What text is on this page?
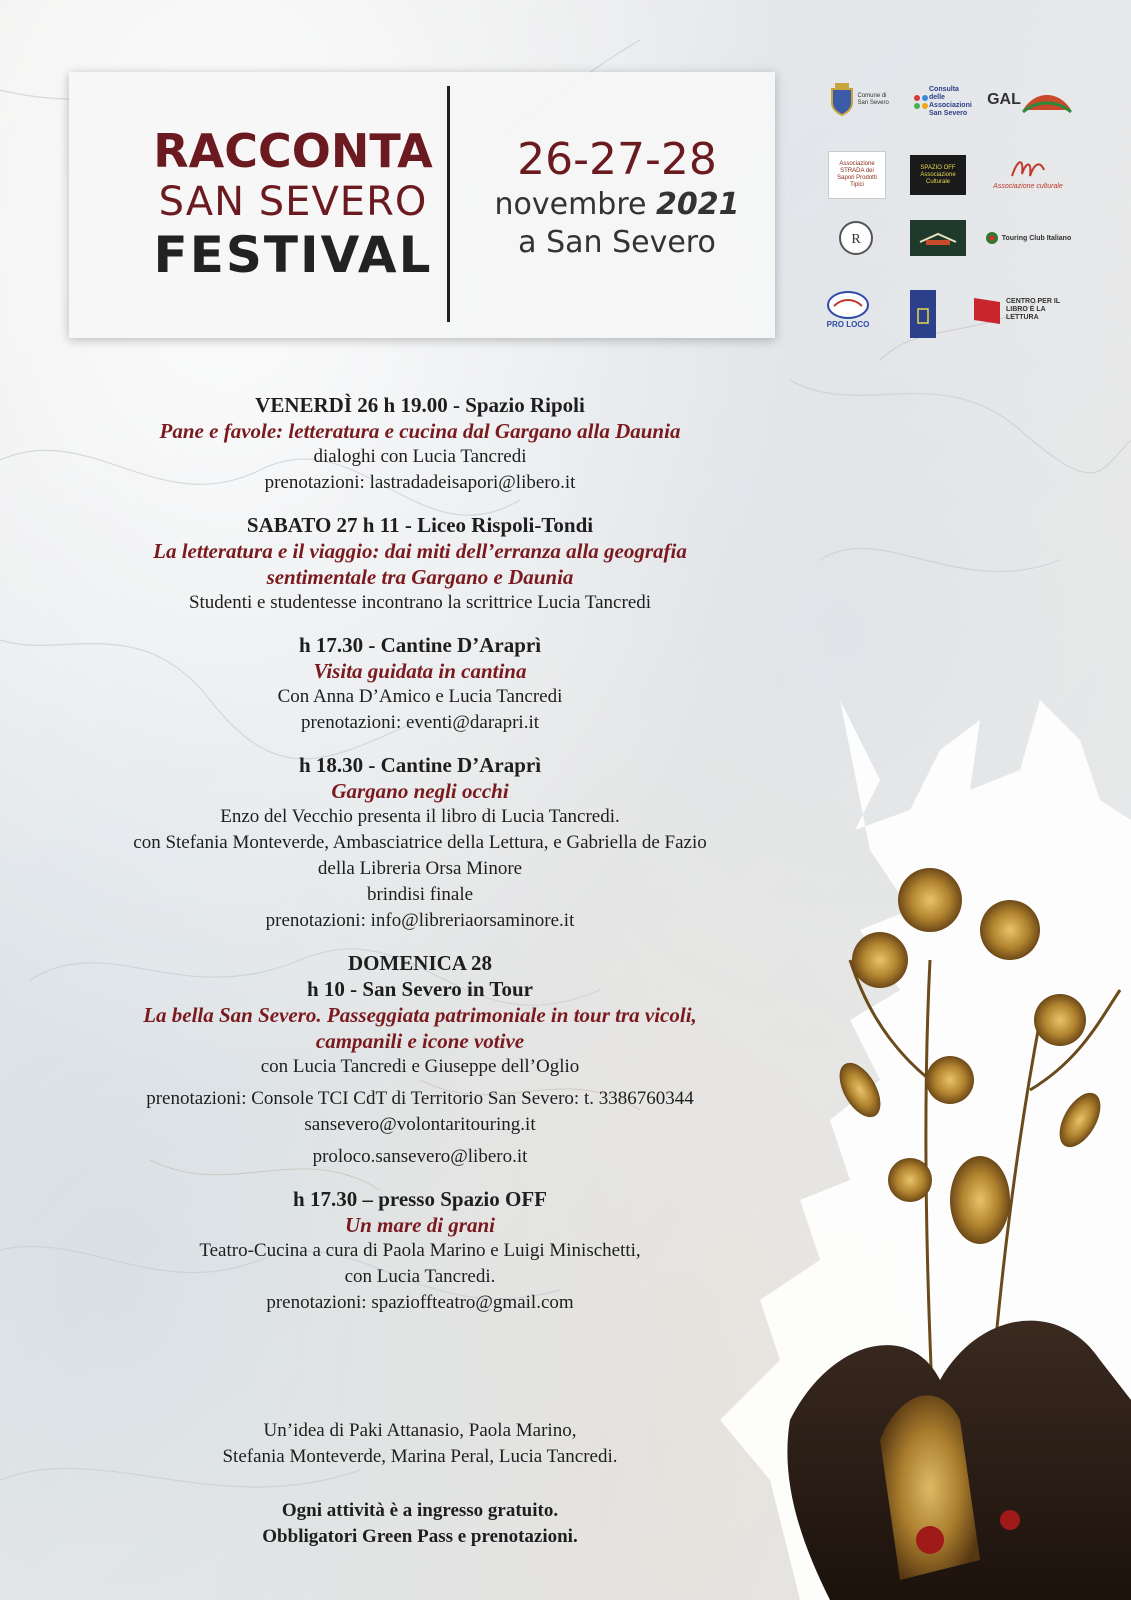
RACCONTA
SAN SEVERO
FESTIVAL
26-27-28
novembre 2021
a San Severo
Comune di San Severo
Consulta delle Associazioni San Severo
GAL
Associazione STRADA dei Sapori Prodotti Tipici
SPAZIO OFF Associazione Culturale
Associazione culturale
R	Touring Club Italiano
PRO LOCO
CENTRO PER IL LIBRO E LA LETTURA
VENERDÌ 26 h 19.00 - Spazio Ripoli
Pane e favole: letteratura e cucina dal Gargano alla Daunia
dialoghi con Lucia Tancredi
prenotazioni: lastradadeisapori@libero.it
SABATO 27 h 11 - Liceo Rispoli-Tondi
La letteratura e il viaggio: dai miti dell’erranza alla geografia
sentimentale tra Gargano e Daunia
Studenti e studentesse incontrano la scrittrice Lucia Tancredi
h 17.30 - Cantine D’Araprì
Visita guidata in cantina
Con Anna D’Amico e Lucia Tancredi
prenotazioni: eventi@darapri.it
h 18.30 - Cantine D’Araprì
Gargano negli occhi
Enzo del Vecchio presenta il libro di Lucia Tancredi.
con Stefania Monteverde, Ambasciatrice della Lettura, e Gabriella de Fazio
della Libreria Orsa Minore
brindisi finale
prenotazioni: info@libreriaorsaminore.it
DOMENICA 28
h 10 - San Severo in Tour
La bella San Severo. Passeggiata patrimoniale in tour tra vicoli,
campanili e icone votive
con Lucia Tancredi e Giuseppe dell’Oglio
prenotazioni: Console TCI CdT di Territorio San Severo: t. 3386760344
sansevero@volontaritouring.it
proloco.sansevero@libero.it
h 17.30 – presso Spazio OFF
Un mare di grani
Teatro-Cucina a cura di Paola Marino e Luigi Minischetti,
con Lucia Tancredi.
prenotazioni: spazioffteatro@gmail.com
Un’idea di Paki Attanasio, Paola Marino,
Stefania Monteverde, Marina Peral, Lucia Tancredi.
Ogni attività è a ingresso gratuito.
Obbligatori Green Pass e prenotazioni.
